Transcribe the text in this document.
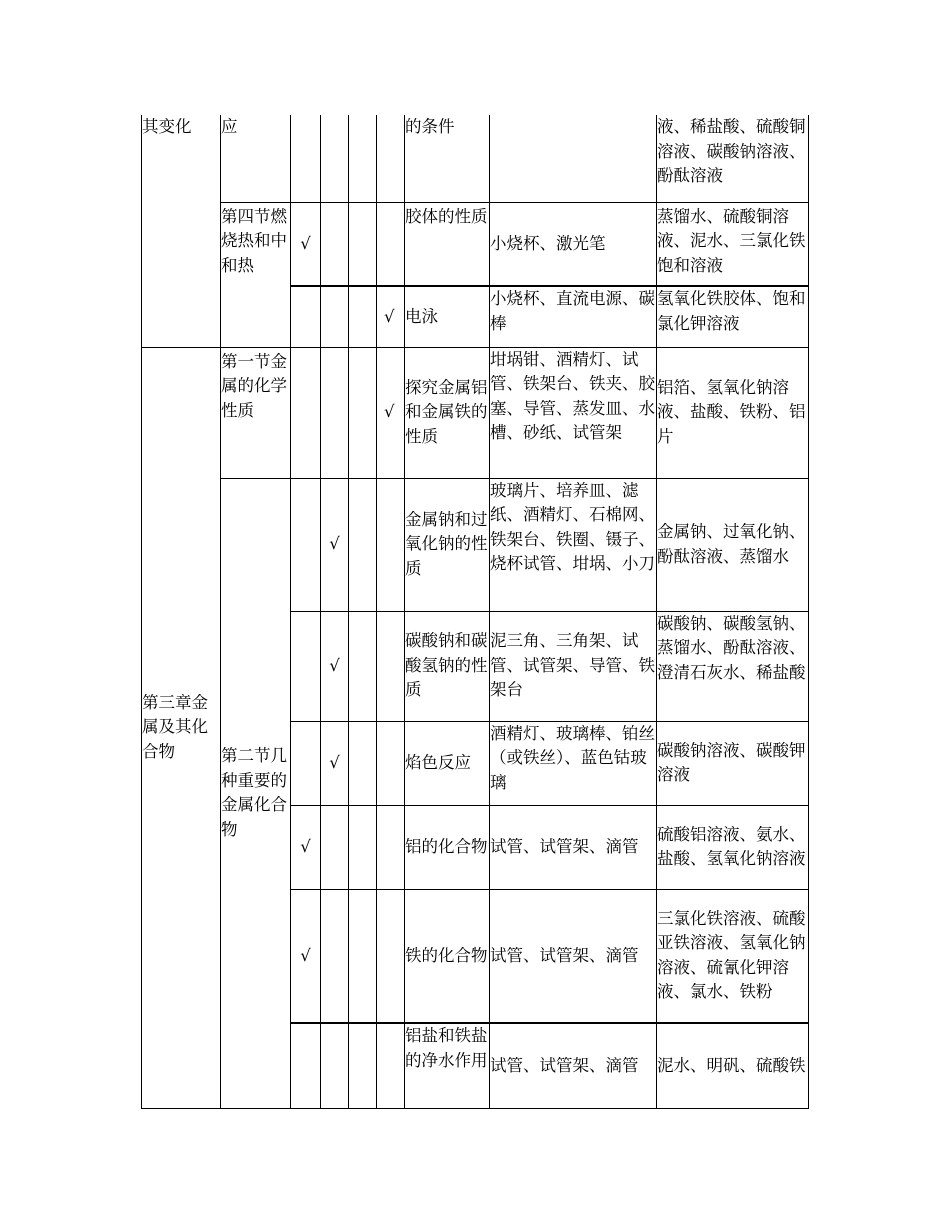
其变化	应					的条件		液、稀盐酸、硫酸铜溶液、碳酸钠溶液、酚酞溶液

	第四节燃烧热和中和热	√				胶体的性质	小烧杯、激光笔	蒸馏水、硫酸铜溶液、泥水、三氯化铁饱和溶液

					√	电泳	小烧杯、直流电源、碳棒	氢氧化铁胶体、饱和氯化钾溶液

第三章金属及其化合物	第一节金属的化学性质				√	探究金属铝和金属铁的性质	坩埚钳、酒精灯、试管、铁架台、铁夹、胶塞、导管、蒸发皿、水槽、砂纸、试管架	铝箔、氢氧化钠溶液、盐酸、铁粉、铝片

	第二节几种重要的金属化合物		√			金属钠和过氧化钠的性质	玻璃片、培养皿、滤纸、酒精灯、石棉网、铁架台、铁圈、镊子、烧杯试管、坩埚、小刀	金属钠、过氧化钠、酚酞溶液、蒸馏水

			√			碳酸钠和碳酸氢钠的性质	泥三角、三角架、试管、试管架、导管、铁架台	碳酸钠、碳酸氢钠、蒸馏水、酚酞溶液、澄清石灰水、稀盐酸

			√			焰色反应	酒精灯、玻璃棒、铂丝（或铁丝）、蓝色钴玻璃	碳酸钠溶液、碳酸钾溶液

		√				铝的化合物	试管、试管架、滴管	硫酸铝溶液、氨水、盐酸、氢氧化钠溶液

		√				铁的化合物	试管、试管架、滴管	三氯化铁溶液、硫酸亚铁溶液、氢氧化钠溶液、硫氰化钾溶液、氯水、铁粉

						铝盐和铁盐的净水作用	试管、试管架、滴管	泥水、明矾、硫酸铁
